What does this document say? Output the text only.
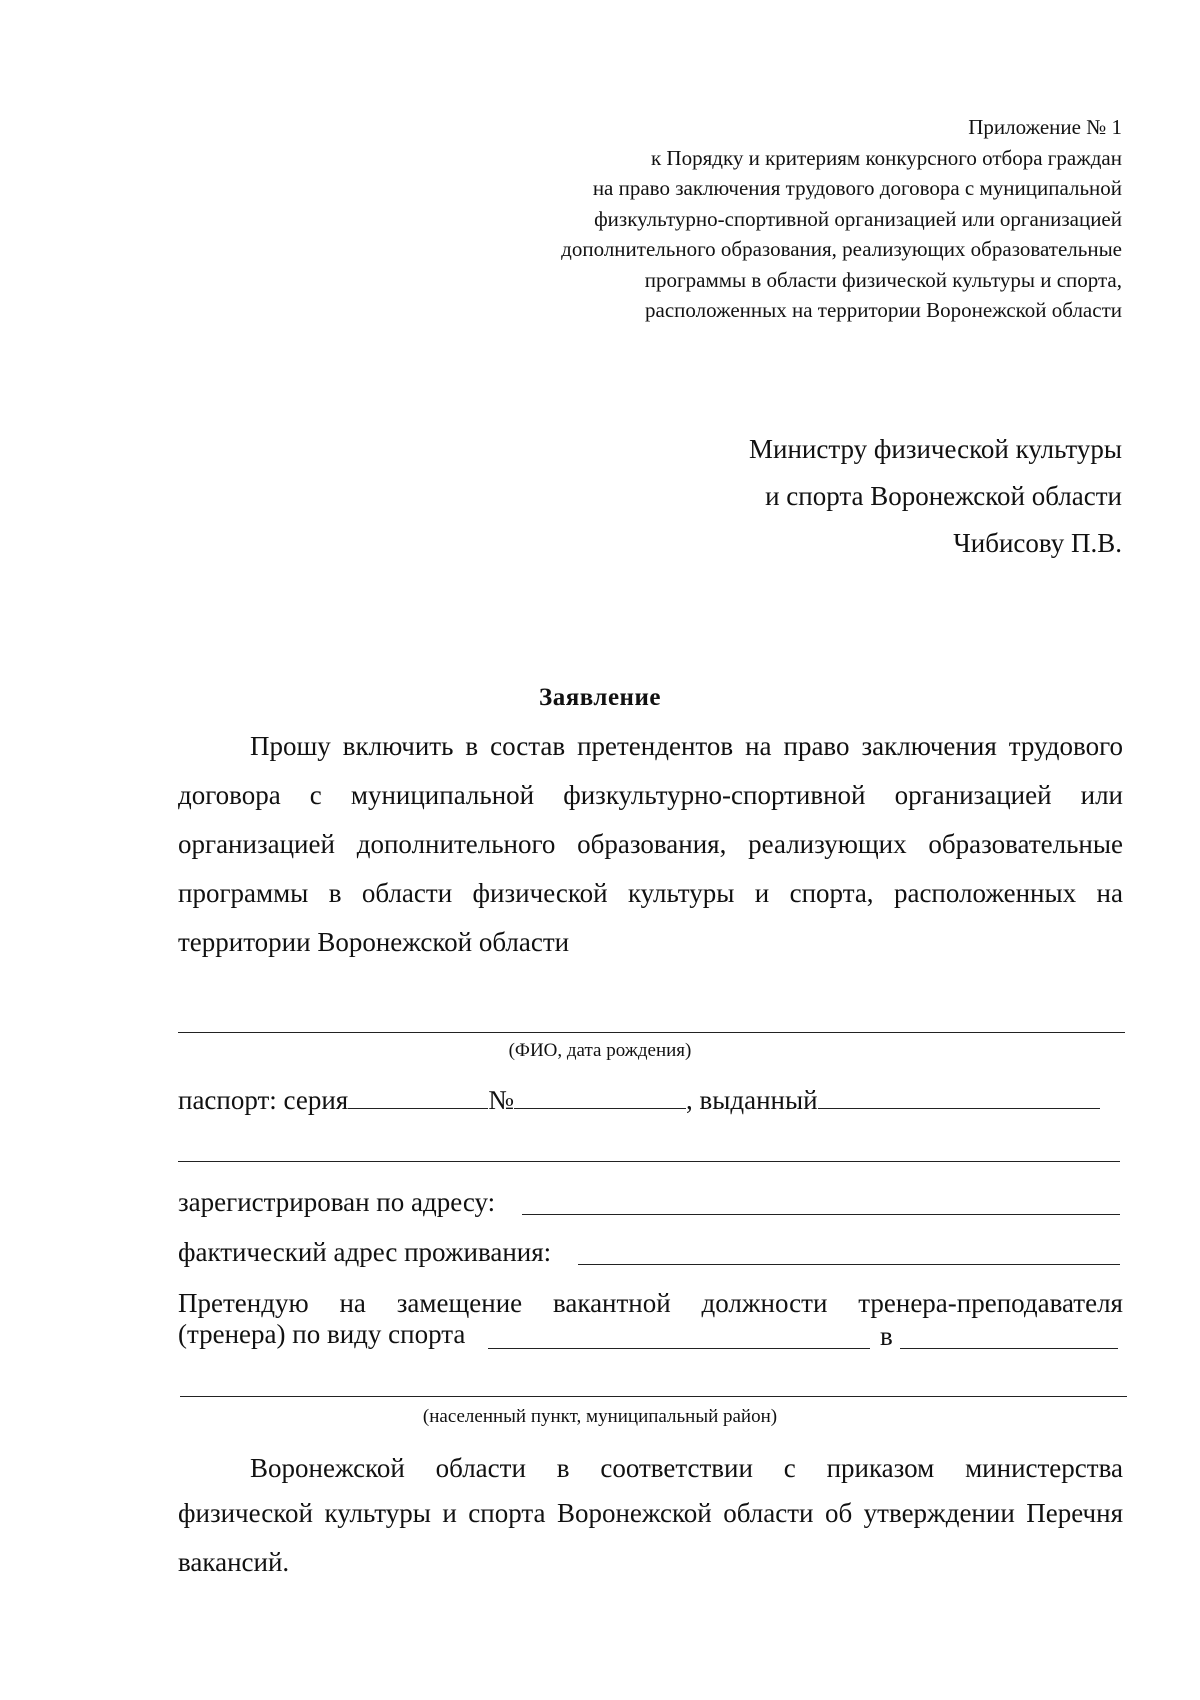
Приложение № 1
к Порядку и критериям конкурсного отбора граждан
на право заключения трудового договора с муниципальной
физкультурно-спортивной организацией или организацией
дополнительного образования, реализующих образовательные
программы в области физической культуры и спорта,
расположенных на территории Воронежской области
Министру физической культуры
и спорта Воронежской области
Чибисову П.В.
Заявление
Прошу включить в состав претендентов на право заключения трудового договора с муниципальной физкультурно-спортивной организацией или организацией дополнительного образования, реализующих образовательные программы в области физической культуры и спорта, расположенных на территории Воронежской области
(ФИО, дата рождения)
паспорт: серия	№	, выданный
зарегистрирован по адресу:
фактический адрес проживания:
Претендую на замещение вакантной должности тренера-преподавателя
(тренера) по виду спорта	в
(населенный пункт, муниципальный район)
Воронежской области в соответствии с приказом министерства
физической культуры и спорта Воронежской области об утверждении Перечня вакансий.
